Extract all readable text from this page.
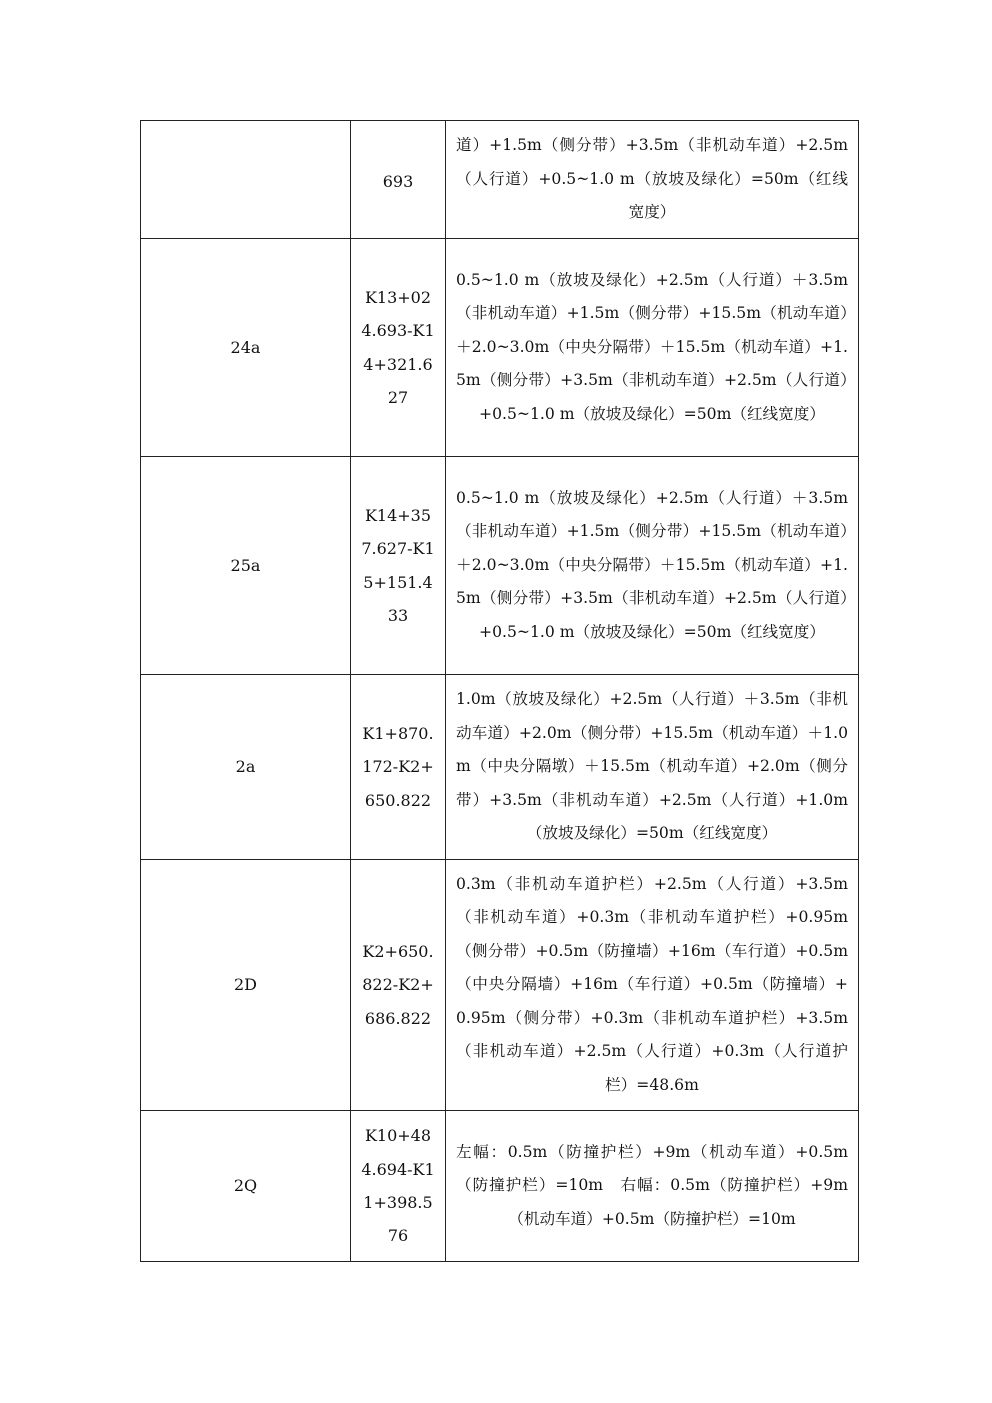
	693	道）+1.5m（侧分带）+3.5m（非机动车道）+2.5m（人行道）+0.5~1.0 m（放坡及绿化）=50m（红线宽度）

24a	K13+024.693-K14+321.627	0.5~1.0 m（放坡及绿化）+2.5m（人行道）＋3.5m（非机动车道）+1.5m（侧分带）+15.5m（机动车道）＋2.0~3.0m（中央分隔带）＋15.5m（机动车道）+1.5m（侧分带）+3.5m（非机动车道）+2.5m（人行道）+0.5~1.0 m（放坡及绿化）=50m（红线宽度）

25a	K14+357.627-K15+151.433	0.5~1.0 m（放坡及绿化）+2.5m（人行道）＋3.5m（非机动车道）+1.5m（侧分带）+15.5m（机动车道）＋2.0~3.0m（中央分隔带）＋15.5m（机动车道）+1.5m（侧分带）+3.5m（非机动车道）+2.5m（人行道）+0.5~1.0 m（放坡及绿化）=50m（红线宽度）

2a	K1+870.172-K2+650.822	1.0m（放坡及绿化）+2.5m（人行道）＋3.5m（非机动车道）+2.0m（侧分带）+15.5m（机动车道）＋1.0m（中央分隔墩）＋15.5m（机动车道）+2.0m（侧分带）+3.5m（非机动车道）+2.5m（人行道）+1.0m（放坡及绿化）=50m（红线宽度）

2D	K2+650.822-K2+686.822	0.3m（非机动车道护栏）+2.5m（人行道）+3.5m（非机动车道）+0.3m（非机动车道护栏）+0.95m（侧分带）+0.5m（防撞墙）+16m（车行道）+0.5m（中央分隔墙）+16m（车行道）+0.5m（防撞墙）+0.95m（侧分带）+0.3m（非机动车道护栏）+3.5m（非机动车道）+2.5m（人行道）+0.3m（人行道护栏）=48.6m

2Q	K10+484.694-K11+398.576	左幅：0.5m（防撞护栏）+9m（机动车道）+0.5m（防撞护栏）=10m　右幅：0.5m（防撞护栏）+9m（机动车道）+0.5m（防撞护栏）=10m
